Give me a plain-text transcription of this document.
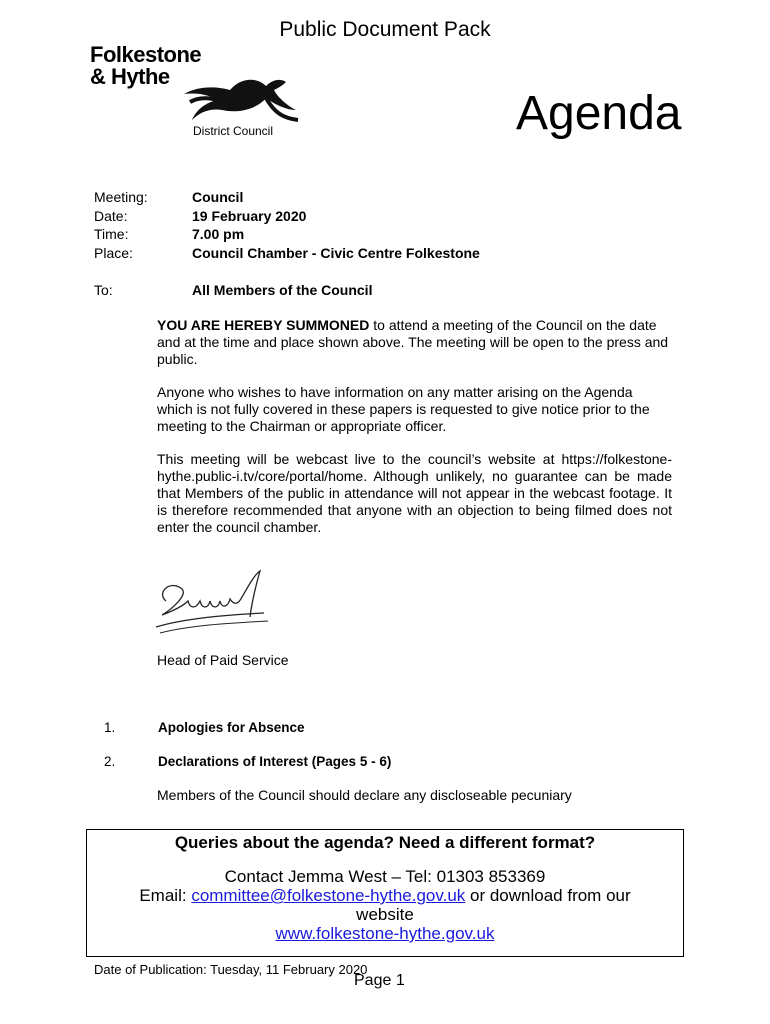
Public Document Pack
Folkestone
& Hythe
District Council	Agenda
Meeting:	Council
Date:	19 February 2020
Time:	7.00 pm
Place:	Council Chamber - Civic Centre Folkestone
To:	All Members of the Council
YOU ARE HEREBY SUMMONED to attend a meeting of the Council on the date and at the time and place shown above. The meeting will be open to the press and public.
Anyone who wishes to have information on any matter arising on the Agenda which is not fully covered in these papers is requested to give notice prior to the meeting to the Chairman or appropriate officer.
This meeting will be webcast live to the council’s website at https://folkestone-hythe.public-i.tv/core/portal/home. Although unlikely, no guarantee can be made that Members of the public in attendance will not appear in the webcast footage. It is therefore recommended that anyone with an objection to being filmed does not enter the council chamber.
Head of Paid Service
1.	Apologies for Absence
2.	Declarations of Interest (Pages 5 - 6)
Members of the Council should declare any discloseable pecuniary
Queries about the agenda? Need a different format?
Contact Jemma West – Tel: 01303 853369
Email: committee@folkestone-hythe.gov.uk or download from our
website
www.folkestone-hythe.gov.uk
Date of Publication: Tuesday, 11 February 2020
Page 1
